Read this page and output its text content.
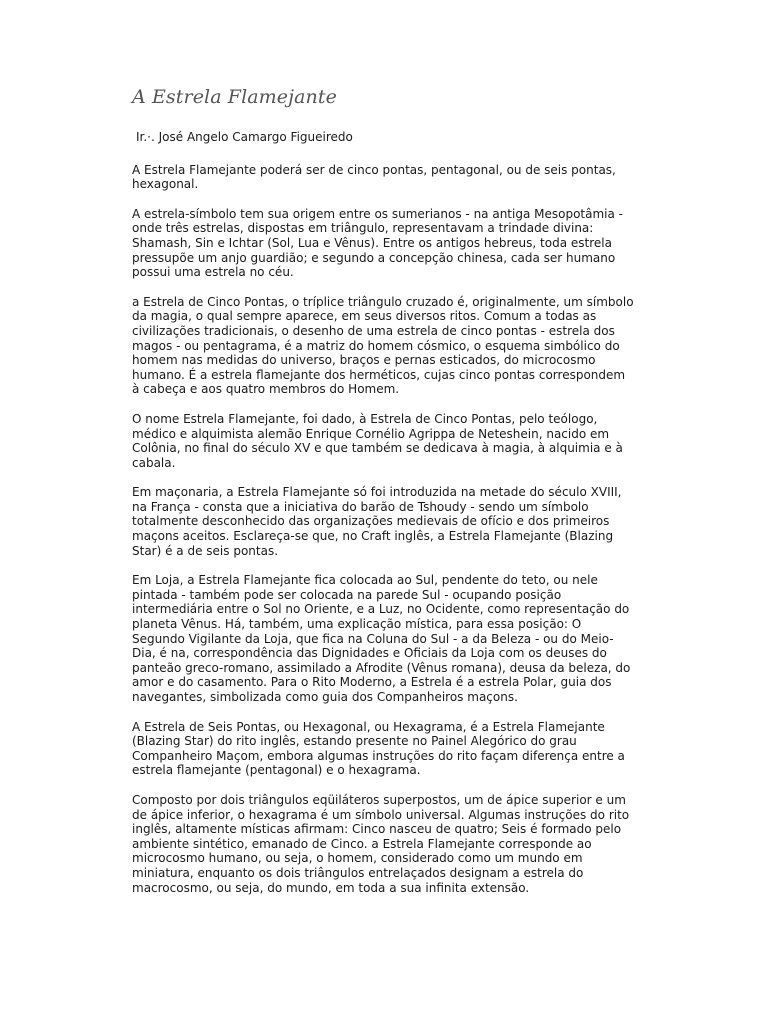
A Estrela Flamejante
Ir.·. José Angelo Camargo Figueiredo

A Estrela Flamejante poderá ser de cinco pontas, pentagonal, ou de seis pontas, hexagonal.

A estrela-símbolo tem sua origem entre os sumerianos - na antiga Mesopotâmia - onde três estrelas, dispostas em triângulo, representavam a trindade divina: Shamash, Sin e Ichtar (Sol, Lua e Vênus). Entre os antigos hebreus, toda estrela pressupõe um anjo guardião; e segundo a concepção chinesa, cada ser humano possui uma estrela no céu.

a Estrela de Cinco Pontas, o tríplice triângulo cruzado é, originalmente, um símbolo da magia, o qual sempre aparece, em seus diversos ritos. Comum a todas as civilizações tradicionais, o desenho de uma estrela de cinco pontas - estrela dos magos - ou pentagrama, é a matriz do homem cósmico, o esquema simbólico do homem nas medidas do universo, braços e pernas esticados, do microcosmo humano. É a estrela flamejante dos herméticos, cujas cinco pontas correspondem à cabeça e aos quatro membros do Homem.

O nome Estrela Flamejante, foi dado, à Estrela de Cinco Pontas, pelo teólogo, médico e alquimista alemão Enrique Cornélio Agrippa de Neteshein, nacido em Colônia, no final do século XV e que também se dedicava à magia, à alquimia e à cabala.

Em maçonaria, a Estrela Flamejante só foi introduzida na metade do século XVIII, na França - consta que a iniciativa do barão de Tshoudy - sendo um símbolo totalmente desconhecido das organizações medievais de ofício e dos primeiros maçons aceitos. Esclareça-se que, no Craft inglês, a Estrela Flamejante (Blazing Star) é a de seis pontas.

Em Loja, a Estrela Flamejante fica colocada ao Sul, pendente do teto, ou nele pintada - também pode ser colocada na parede Sul - ocupando posição intermediária entre o Sol no Oriente, e a Luz, no Ocidente, como representação do planeta Vênus. Há, também, uma explicação mística, para essa posição: O Segundo Vigilante da Loja, que fica na Coluna do Sul - a da Beleza - ou do Meio-Dia, é na, correspondência das Dignidades e Oficiais da Loja com os deuses do panteão greco-romano, assimilado a Afrodite (Vênus romana), deusa da beleza, do amor e do casamento. Para o Rito Moderno, a Estrela é a estrela Polar, guia dos navegantes, simbolizada como guia dos Companheiros maçons.

A Estrela de Seis Pontas, ou Hexagonal, ou Hexagrama, é a Estrela Flamejante (Blazing Star) do rito inglês, estando presente no Painel Alegórico do grau Companheiro Maçom, embora algumas instruções do rito façam diferença entre a estrela flamejante (pentagonal) e o hexagrama.

Composto por dois triângulos eqüiláteros superpostos, um de ápice superior e um de ápice inferior, o hexagrama é um símbolo universal. Algumas instruções do rito inglês, altamente místicas afirmam: Cinco nasceu de quatro; Seis é formado pelo ambiente sintético, emanado de Cinco. a Estrela Flamejante corresponde ao microcosmo humano, ou seja, o homem, considerado como um mundo em miniatura, enquanto os dois triângulos entrelaçados designam a estrela do macrocosmo, ou seja, do mundo, em toda a sua infinita extensão.
